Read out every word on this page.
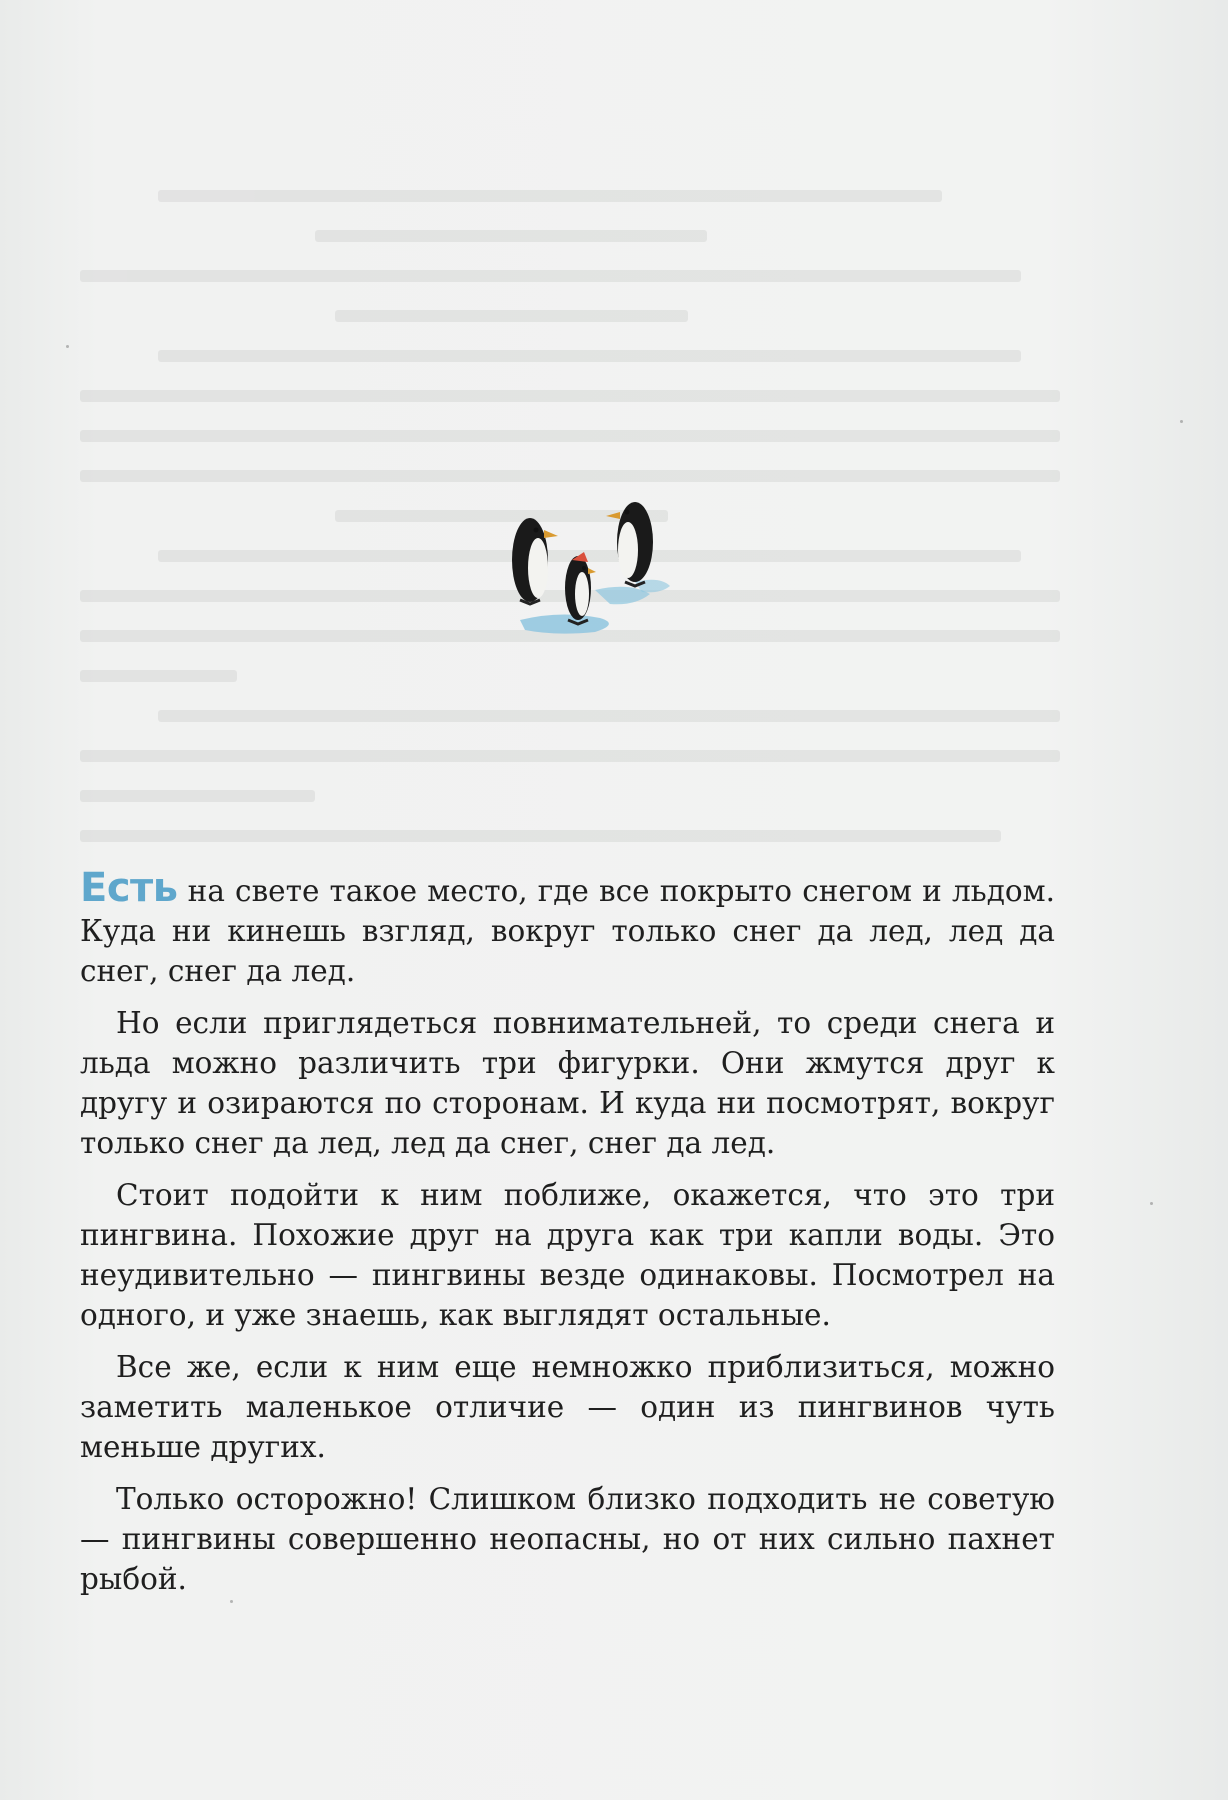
Есть на свете такое место, где все покрыто снегом и льдом. Куда ни кинешь взгляд, вокруг только снег да лед, лед да снег, снег да лед.

Но если приглядеться повнимательней, то среди снега и льда можно различить три фигурки. Они жмутся друг к другу и озираются по сторонам. И куда ни посмотрят, вокруг только снег да лед, лед да снег, снег да лед.

Стоит подойти к ним поближе, окажется, что это три пингвина. Похожие друг на друга как три капли воды. Это неудивительно — пингвины везде одинаковы. Посмотрел на одного, и уже знаешь, как выглядят остальные.

Все же, если к ним еще немножко приблизиться, можно заметить маленькое отличие — один из пингвинов чуть меньше других.

Только осторожно! Слишком близко подходить не советую — пингвины совершенно неопасны, но от них сильно пахнет рыбой.
